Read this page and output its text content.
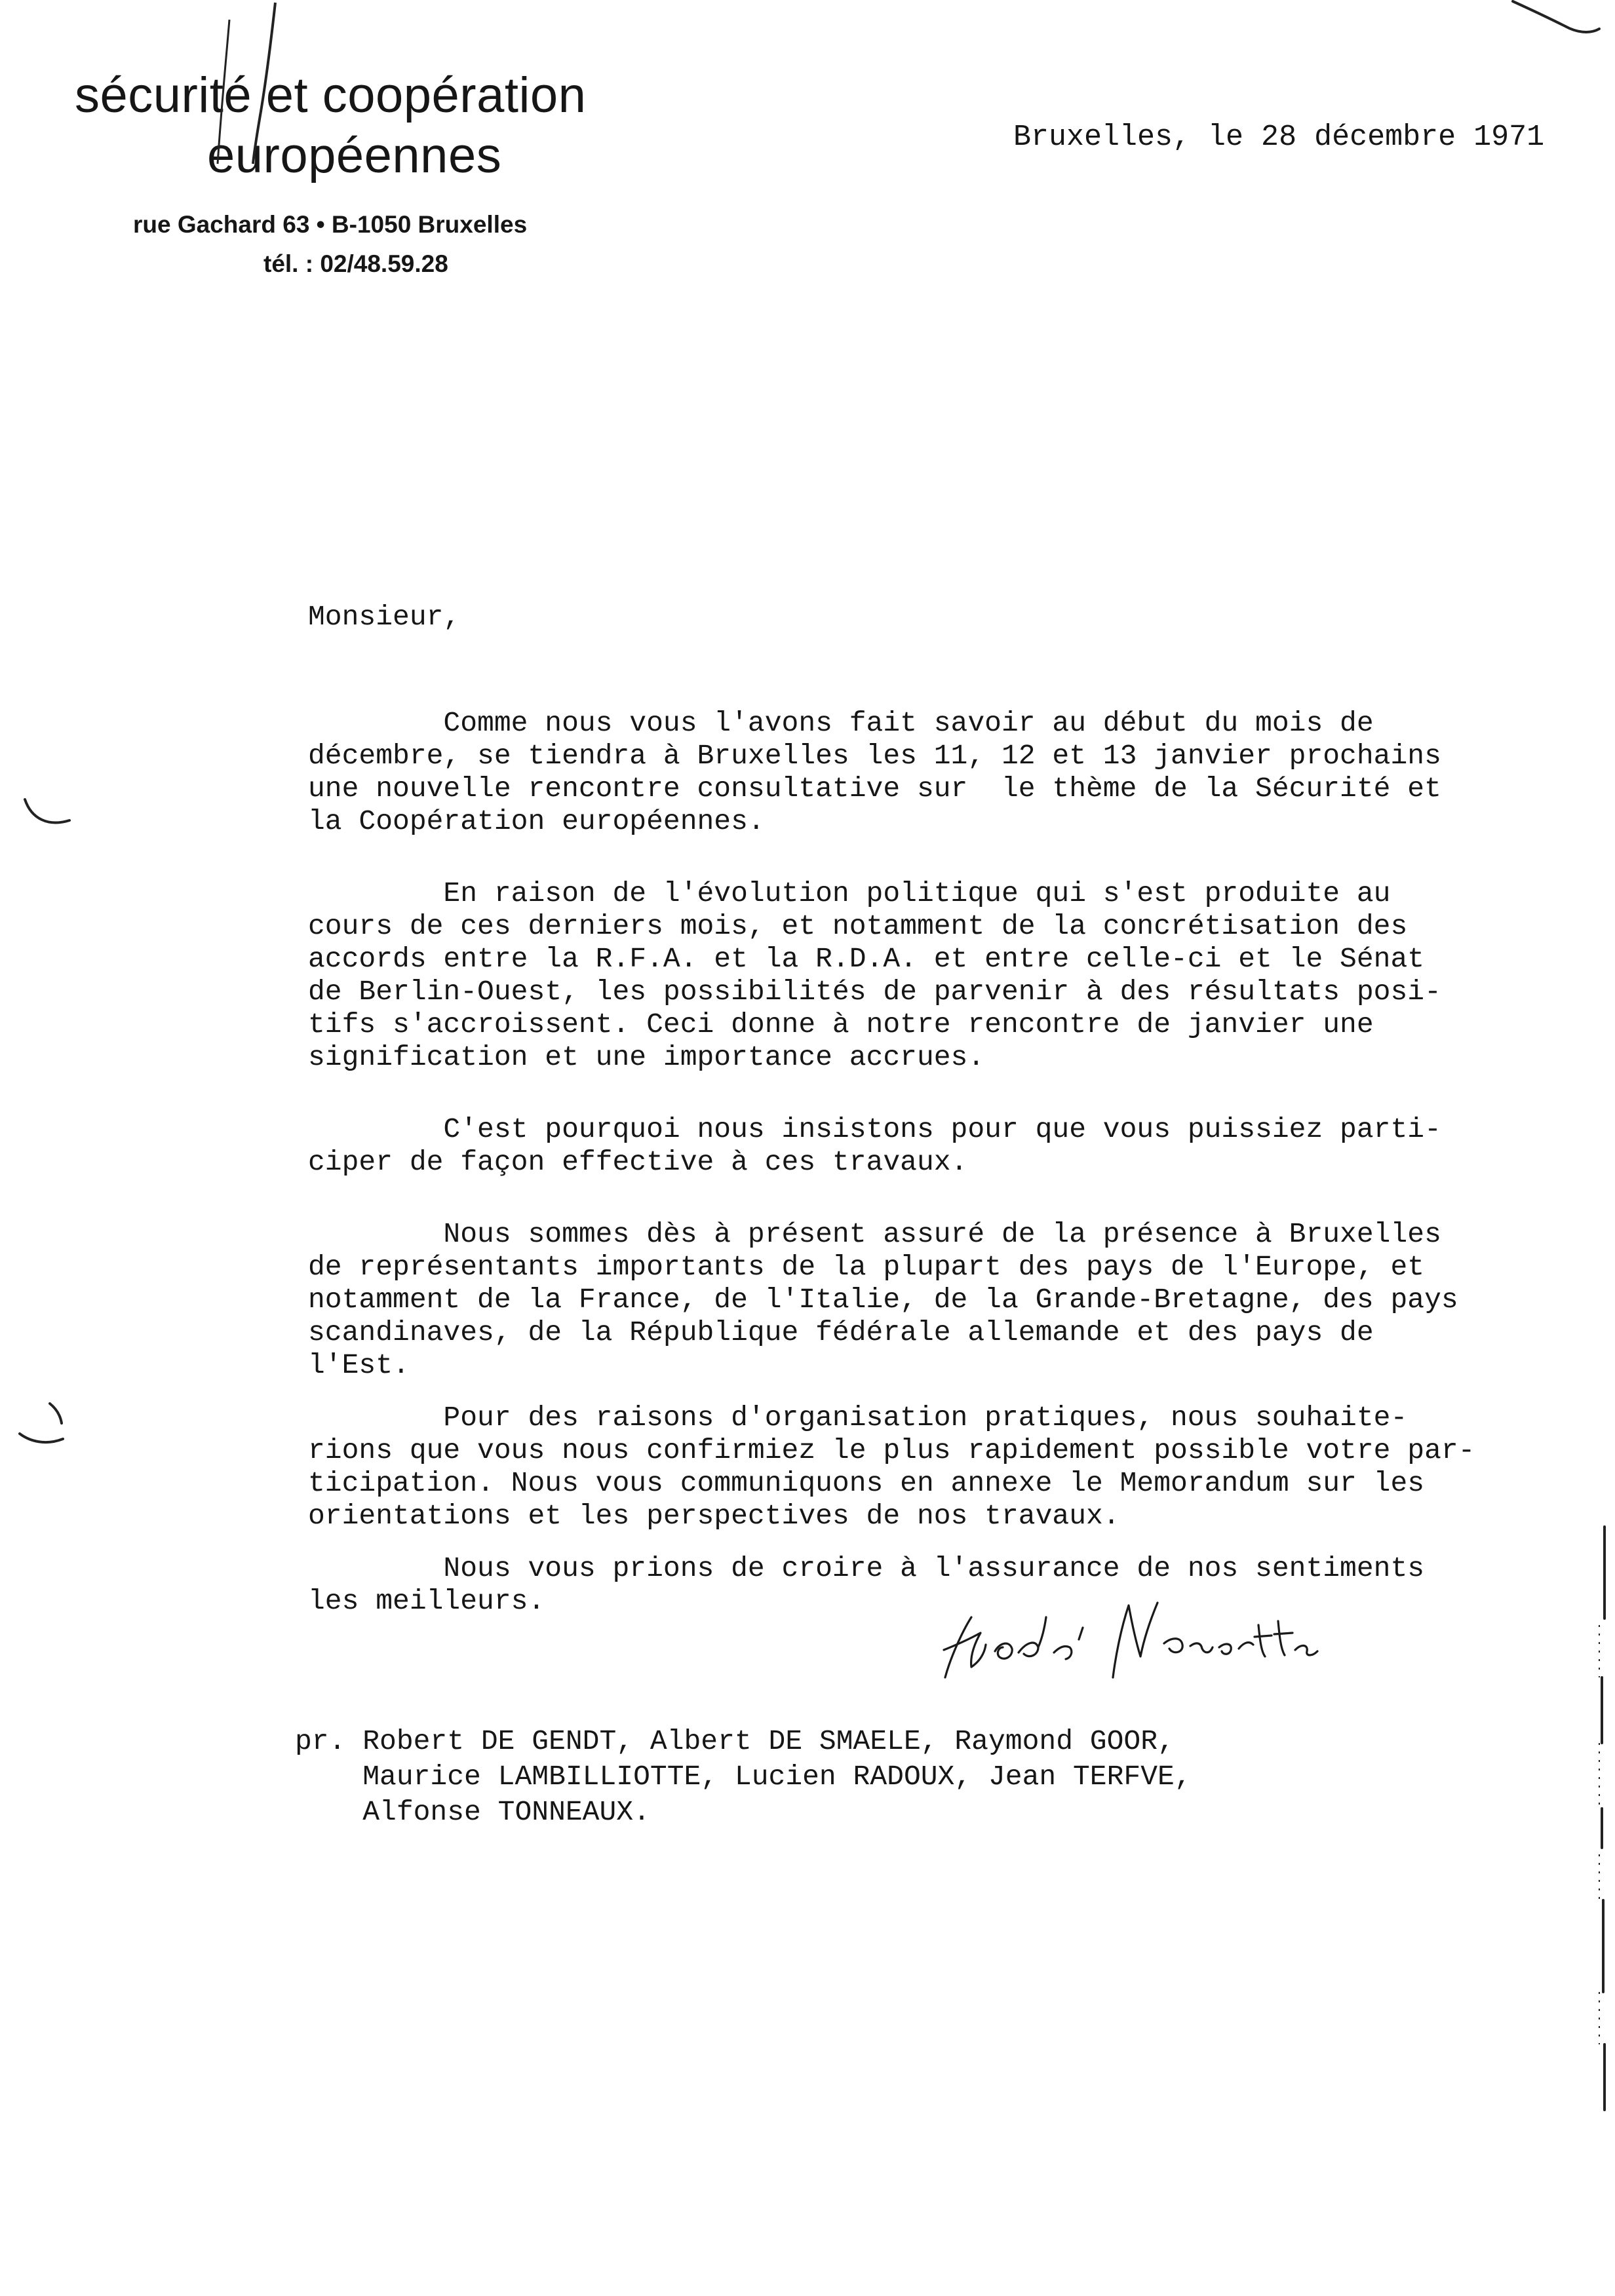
sécurité et coopération
européennes
rue Gachard 63 • B-1050 Bruxelles
tél. : 02/48.59.28
Bruxelles, le 28 décembre 1971
Monsieur,
Comme nous vous l'avons fait savoir au début du mois de
décembre, se tiendra à Bruxelles les 11, 12 et 13 janvier prochains
une nouvelle rencontre consultative sur  le thème de la Sécurité et
la Coopération européennes.
En raison de l'évolution politique qui s'est produite au
cours de ces derniers mois, et notamment de la concrétisation des
accords entre la R.F.A. et la R.D.A. et entre celle-ci et le Sénat
de Berlin-Ouest, les possibilités de parvenir à des résultats posi-
tifs s'accroissent. Ceci donne à notre rencontre de janvier une
signification et une importance accrues.
C'est pourquoi nous insistons pour que vous puissiez parti-
ciper de façon effective à ces travaux.
Nous sommes dès à présent assuré de la présence à Bruxelles
de représentants importants de la plupart des pays de l'Europe, et
notamment de la France, de l'Italie, de la Grande-Bretagne, des pays
scandinaves, de la République fédérale allemande et des pays de
l'Est.
Pour des raisons d'organisation pratiques, nous souhaite-
rions que vous nous confirmiez le plus rapidement possible votre par-
ticipation. Nous vous communiquons en annexe le Memorandum sur les
orientations et les perspectives de nos travaux.
Nous vous prions de croire à l'assurance de nos sentiments
les meilleurs.
pr. Robert DE GENDT, Albert DE SMAELE, Raymond GOOR,
Maurice LAMBILLIOTTE, Lucien RADOUX, Jean TERFVE,
Alfonse TONNEAUX.
